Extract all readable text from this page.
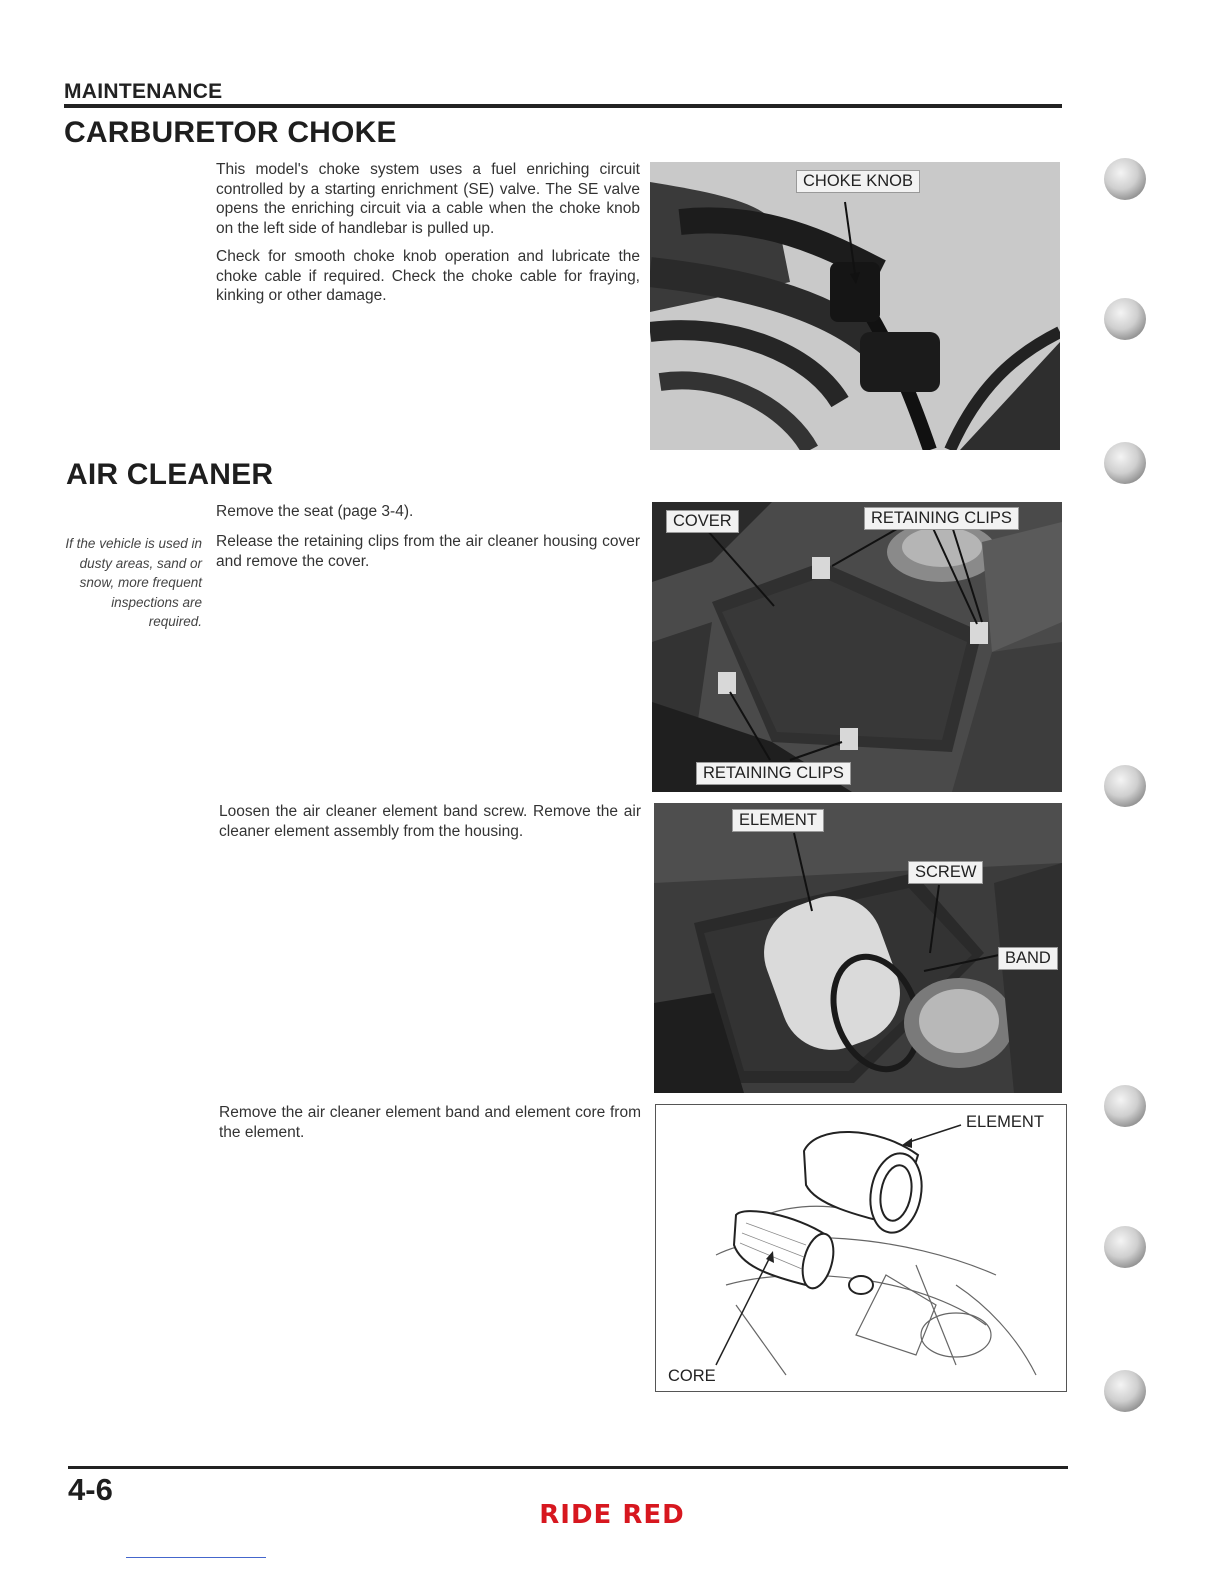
MAINTENANCE
CARBURETOR CHOKE

This model's choke system uses a fuel enriching circuit controlled by a starting enrichment (SE) valve. The SE valve opens the enriching circuit via a cable when the choke knob on the left side of handlebar is pulled up.

Check for smooth choke knob operation and lubricate the choke cable if required. Check the choke cable for fraying, kinking or other damage.

CHOKE KNOB
AIR CLEANER
Remove the seat (page 3-4).
Release the retaining clips from the air cleaner housing cover and remove the cover.
If the vehicle is used in dusty areas, sand or snow, more frequent inspections are required.
COVER	RETAINING CLIPS
RETAINING CLIPS
Loosen the air cleaner element band screw. Remove the air cleaner element assembly from the housing.
ELEMENT
SCREW
BAND
Remove the air cleaner element band and element core from the element.
ELEMENT
CORE
4-6
RIDE RED
